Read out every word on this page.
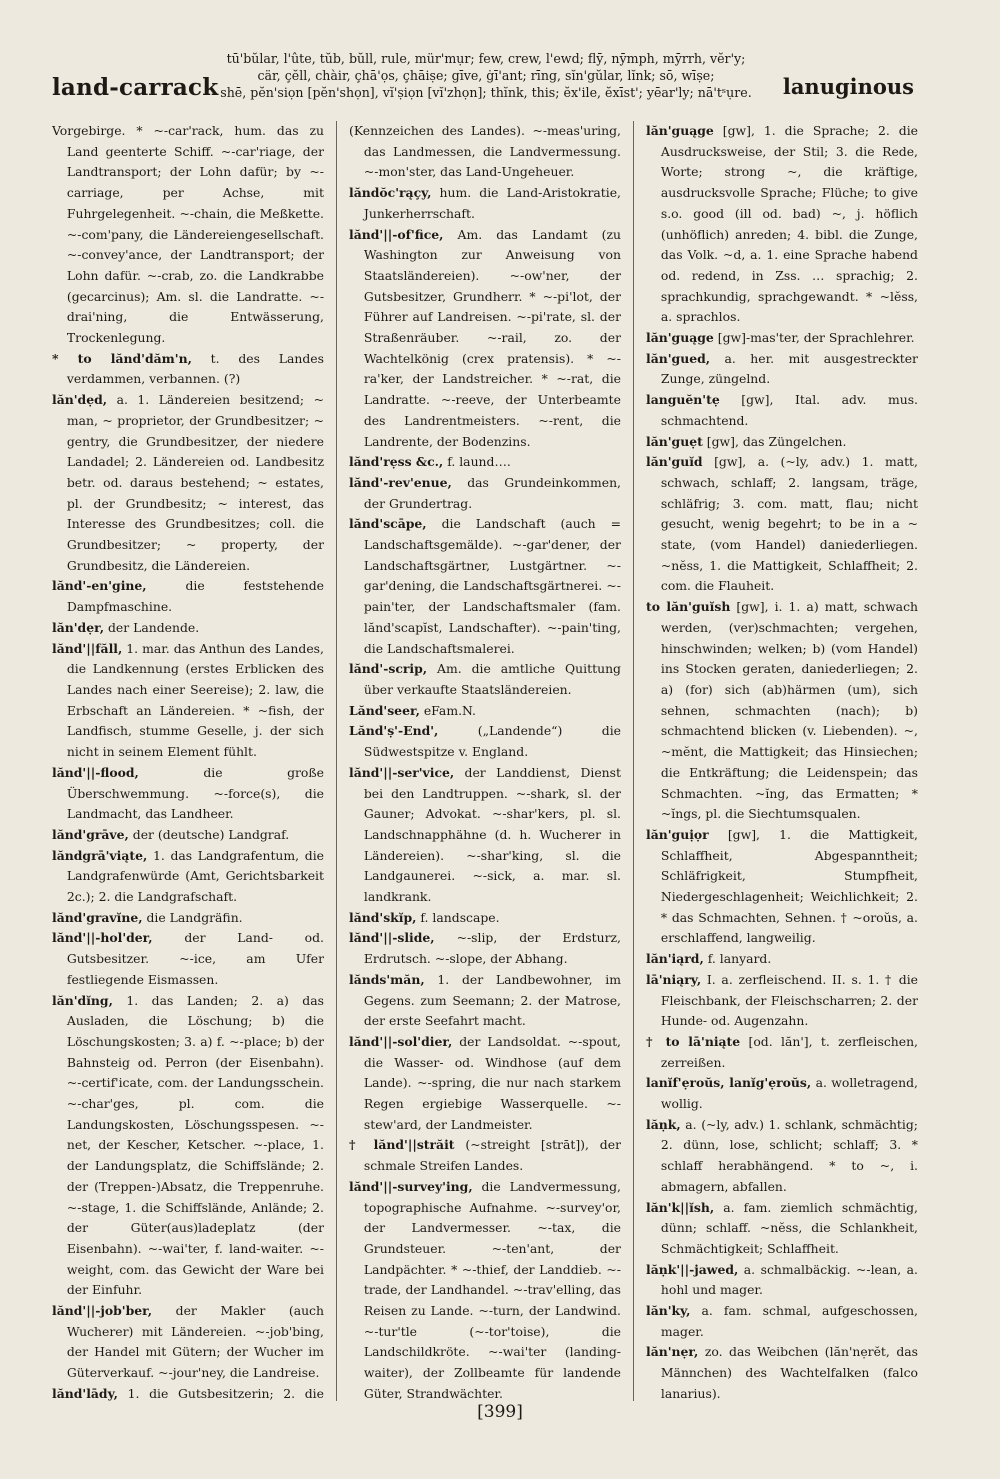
land-carrack
tū'bŭlar, l'ûte, tŭb, bŭll, rule, mür'mụr; few, crew, l'ewd; flȳ, nȳmph, mȳrrh, vĕr'y;
cär, çĕll, chàir, çhā'ọs, çhāiṣe; gīve, ġī'ant; rīng, sĭn'gŭlar, lĭnk; sō, wīṣe;
shē, pĕn'siọn [pĕn'shọn], vĭ'ṣiọn [vĭ'zhọn]; thĭnk, this; ĕx'ile, ĕxīst'; yēar'ly; nā'tˢụre.	lanuginous

Vorgebirge. * ~-car'rack, hum. das zu Land geenterte Schiff. ~-car'riage, der Landtransport; der Lohn dafür; by ~-carriage, per Achse, mit Fuhrgelegenheit. ~-chain, die Meßkette. ~-com'pany, die Ländereiengesellschaft. ~-convey'ance, der Landtransport; der Lohn dafür. ~-crab, zo. die Landkrabbe (gecarcinus); Am. sl. die Landratte. ~-drai'ning, die Entwässerung, Trockenlegung.

* to lănd'dăm'n, t. des Landes verdammen, verbannen. (?)

lăn'dẹd, a. 1. Ländereien besitzend; ~ man, ~ proprietor, der Grundbesitzer; ~ gentry, die Grundbesitzer, der niedere Landadel; 2. Ländereien od. Landbesitz betr. od. daraus bestehend; ~ estates, pl. der Grundbesitz; ~ interest, das Interesse des Grundbesitzes; coll. die Grundbesitzer; ~ property, der Grundbesitz, die Ländereien.

lănd'-en'gine,	die feststehende Dampfmaschine.

lăn'dẹr, der Landende.

lănd'||făll, 1. mar. das Anthun des Landes, die Landkennung (erstes Erblicken des Landes nach einer Seereise); 2. law, die Erbschaft an Ländereien. * ~fish, der Landfisch, stumme Geselle, j. der sich nicht in seinem Element fühlt.

lănd'||-flood,	die große Überschwemmung. ~-force(s), die Landmacht, das Landheer.

lănd'grāve, der (deutsche) Landgraf.

lăndgrā'viąte, 1. das Landgrafentum, die Landgrafenwürde (Amt, Gerichtsbarkeit 2c.); 2. die Landgrafschaft.

lănd'gravĭne, die Landgräfin.

lănd'||-hol'der,	der Land- od. Gutsbesitzer. ~-ice, am Ufer festliegende Eismassen.

lăn'dĭng, 1. das Landen; 2. a) das Ausladen, die Löschung; b) die Löschungskosten; 3. a) f. ~-place; b) der Bahnsteig od. Perron (der Eisenbahn). ~-certif'icate, com. der Landungsschein. ~-char'ges, pl. com. die Landungskosten, Löschungsspesen. ~-net, der Kescher, Ketscher. ~-place, 1. der Landungsplatz, die Schiffslände; 2. der (Treppen-)Absatz, die Treppenruhe. ~-stage, 1. die Schiffslände, Anlände; 2. der Güter(aus)ladeplatz (der Eisenbahn). ~-wai'ter, f. land-waiter. ~-weight, com. das Gewicht der Ware bei der Einfuhr.

lănd'||-job'ber, der Makler (auch Wucherer) mit Ländereien. ~-job'bing, der Handel mit Gütern; der Wucher im Güterverkauf. ~-jour'ney, die Landreise.

lănd'lādy, 1. die Gutsbesitzerin; 2. die

(Kennzeichen des Landes). ~-meas'uring, das Landmessen, die Landvermessung. ~-mon'ster, das Land-Ungeheuer.

lăndŏc'rąçy, hum. die Land-Aristokratie, Junkerherrschaft.

lănd'||-of'fice, Am. das Landamt (zu Washington zur Anweisung von Staatsländereien). ~-ow'ner, der Gutsbesitzer, Grundherr. * ~-pi'lot, der Führer auf Landreisen. ~-pi'rate, sl. der Straßenräuber. ~-rail, zo. der Wachtelkönig (crex pratensis). * ~-ra'ker, der Landstreicher. * ~-rat, die Landratte. ~-reeve, der Unterbeamte des Landrentmeisters. ~-rent, die Landrente, der Bodenzins.

lănd'rẹss &c., f. laund….

lănd'-rev'enue, das Grundeinkommen, der Grundertrag.

lănd'scāpe, die Landschaft (auch = Landschaftsgemälde). ~-gar'dener, der Landschaftsgärtner, Lustgärtner. ~-gar'dening, die Landschaftsgärtnerei. ~-pain'ter, der Landschaftsmaler (fam. lănd'scapĭst, Landschafter). ~-pain'ting, die Landschaftsmalerei.

lănd'-scrip, Am. die amtliche Quittung über verkaufte Staatsländereien.

Lănd'seer, eFam.N.

Lănd'ṣ'-End',	(„Landende“) die Südwestspitze v. England.

lănd'||-ser'vice, der Landdienst, Dienst bei den Landtruppen. ~-shark, sl. der Gauner; Advokat. ~-shar'kers, pl. sl. Landschnapphähne (d. h. Wucherer in Ländereien). ~-shar'king, sl. die Landgaunerei. ~-sick, a. mar. sl. landkrank.

lănd'skĭp, f. landscape.

lănd'||-slide, ~-slip, der Erdsturz, Erdrutsch. ~-slope, der Abhang.

lănds'măn, 1. der Landbewohner, im Gegens. zum Seemann; 2. der Matrose, der erste Seefahrt macht.

lănd'||-sol'dier, der Landsoldat. ~-spout, die Wasser- od. Windhose (auf dem Lande). ~-spring, die nur nach starkem Regen ergiebige Wasserquelle. ~-stew'ard, der Landmeister.

† lănd'||străit (~streight [strāt]), der schmale Streifen Landes.

lănd'||-survey'ing, die Landvermessung, topographische Aufnahme. ~-survey'or, der Landvermesser. ~-tax, die Grundsteuer. ~-ten'ant, der Landpächter. * ~-thief, der Landdieb. ~-trade, der Landhandel. ~-trav'elling, das Reisen zu Lande. ~-turn, der Landwind. ~-tur'tle (~-tor'toise), die Landschildkröte. ~-wai'ter (landing-waiter), der Zollbeamte für landende Güter, Strandwächter.

lăn'guąge [gw], 1. die Sprache; 2. die Ausdrucksweise, der Stil; 3. die Rede, Worte; strong ~, die kräftige, ausdrucksvolle Sprache; Flüche; to give s.o. good (ill od. bad) ~, j. höflich (unhöflich) anreden; 4. bibl. die Zunge, das Volk. ~d, a. 1. eine Sprache habend od. redend, in Zss. … sprachig; 2. sprachkundig, sprachgewandt. * ~lĕss, a. sprachlos.

lăn'guąge [gw]-mas'ter, der Sprachlehrer.

lăn'gued, a. her. mit ausgestreckter Zunge, züngelnd.

languĕn'tẹ [gw], Ital. adv. mus. schmachtend.

lăn'guẹt [gw], das Züngelchen.

lăn'guĭd [gw], a. (~ly, adv.) 1. matt, schwach, schlaff; 2. langsam, träge, schläfrig; 3. com. matt, flau; nicht gesucht, wenig begehrt; to be in a ~ state, (vom Handel) daniederliegen. ~nĕss, 1. die Mattigkeit, Schlaffheit; 2. com. die Flauheit.

to lăn'guĭsh [gw], i. 1. a) matt, schwach werden, (ver)schmachten; vergehen, hinschwinden; welken; b) (vom Handel) ins Stocken geraten, daniederliegen; 2. a) (for) sich (ab)härmen (um), sich sehnen, schmachten (nach); b) schmachtend blicken (v. Liebenden). ~, ~mĕnt, die Mattigkeit; das Hinsiechen; die Entkräftung; die Leidenspein; das Schmachten. ~ĭng, das Ermatten; * ~ĭngs, pl. die Siechtumsqualen.

lăn'guịọr [gw], 1. die Mattigkeit, Schlaffheit, Abgespanntheit; Schläfrigkeit, Stumpfheit, Niedergeschlagenheit; Weichlichkeit; 2. * das Schmachten, Sehnen. † ~oroŭs, a. erschlaffend, langweilig.

lăn'iąrd, f. lanyard.

lā'niąry, I. a. zerfleischend. II. s. 1. † die Fleischbank, der Fleischscharren; 2. der Hunde- od. Augenzahn.

† to lā'niąte [od. lăn'], t. zerfleischen, zerreißen.

lanĭf'ẹroŭs, lanĭg'ẹroŭs, a. wolletragend, wollig.

lăṇk, a. (~ly, adv.) 1. schlank, schmächtig; 2. dünn, lose, schlicht; schlaff; 3. * schlaff herabhängend. * to ~, i. abmagern, abfallen.

lăn'k||ĭsh, a. fam. ziemlich schmächtig, dünn; schlaff. ~nĕss, die Schlankheit, Schmächtigkeit; Schlaffheit.

lăṇk'||-jawed, a. schmalbäckig. ~-lean, a. hohl und mager.

lăn'ky, a. fam. schmal, aufgeschossen, mager.

lăn'nẹr, zo. das Weibchen (lăn'nẹrĕt, das Männchen) des Wachtelfalken (falco lanarius).

[399]
